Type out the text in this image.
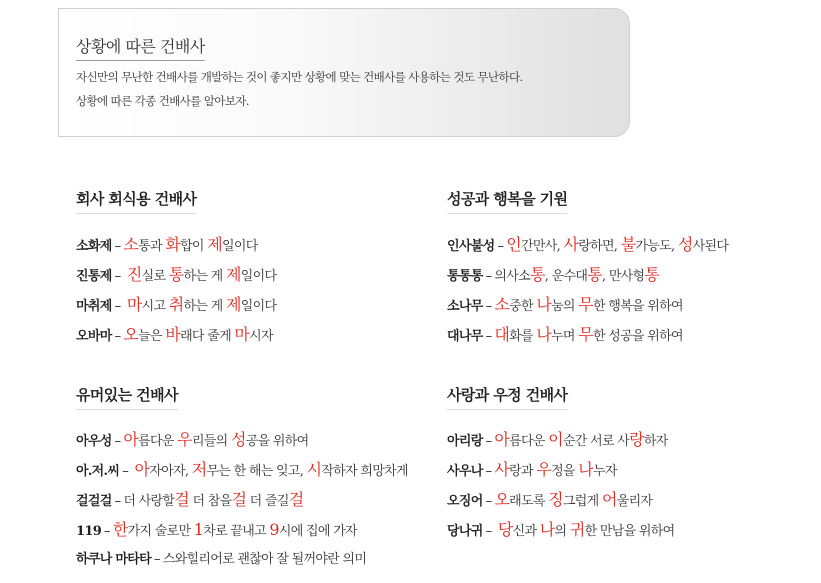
상황에 따른 건배사

자신만의 무난한 건배사를 개발하는 것이 좋지만 상황에 맞는 건배사를 사용하는 것도 무난하다.

상황에 따른 각종 건배사를 알아보자.

회사 회식용 건배사
소화제 – 소통과 화합이 제일이다
진통제 – 진실로 통하는 게 제일이다
마취제 – 마시고 취하는 게 제일이다
오바마 – 오늘은 바래다 줄게 마시자
성공과 행복을 기원
인사불성 – 인간만사, 사랑하면, 불가능도, 성사된다
통통통 – 의사소통, 운수대통, 만사형통
소나무 – 소중한 나눔의 무한 행복을 위하여
대나무 – 대화를 나누며 무한 성공을 위하여
유머있는 건배사
아우성 – 아름다운 우리들의 성공을 위하여
아.저.씨 – 아자아자, 저무는 한 해는 잊고, 시작하자 희망차게
걸걸걸 – 더 사랑할걸 더 참을걸 더 즐길걸
119 – 한가지 술로만 1차로 끝내고 9시에 집에 가자
하쿠나 마타타 – 스와힐리어로 괜찮아 잘 될꺼야란 의미
사랑과 우정 건배사
아리랑 – 아름다운 이순간 서로 사랑하자
사우나 – 사랑과 우정을 나누자
오징어 – 오래도록 징그럽게 어울리자
당나귀 – 당신과 나의 귀한 만남을 위하여
